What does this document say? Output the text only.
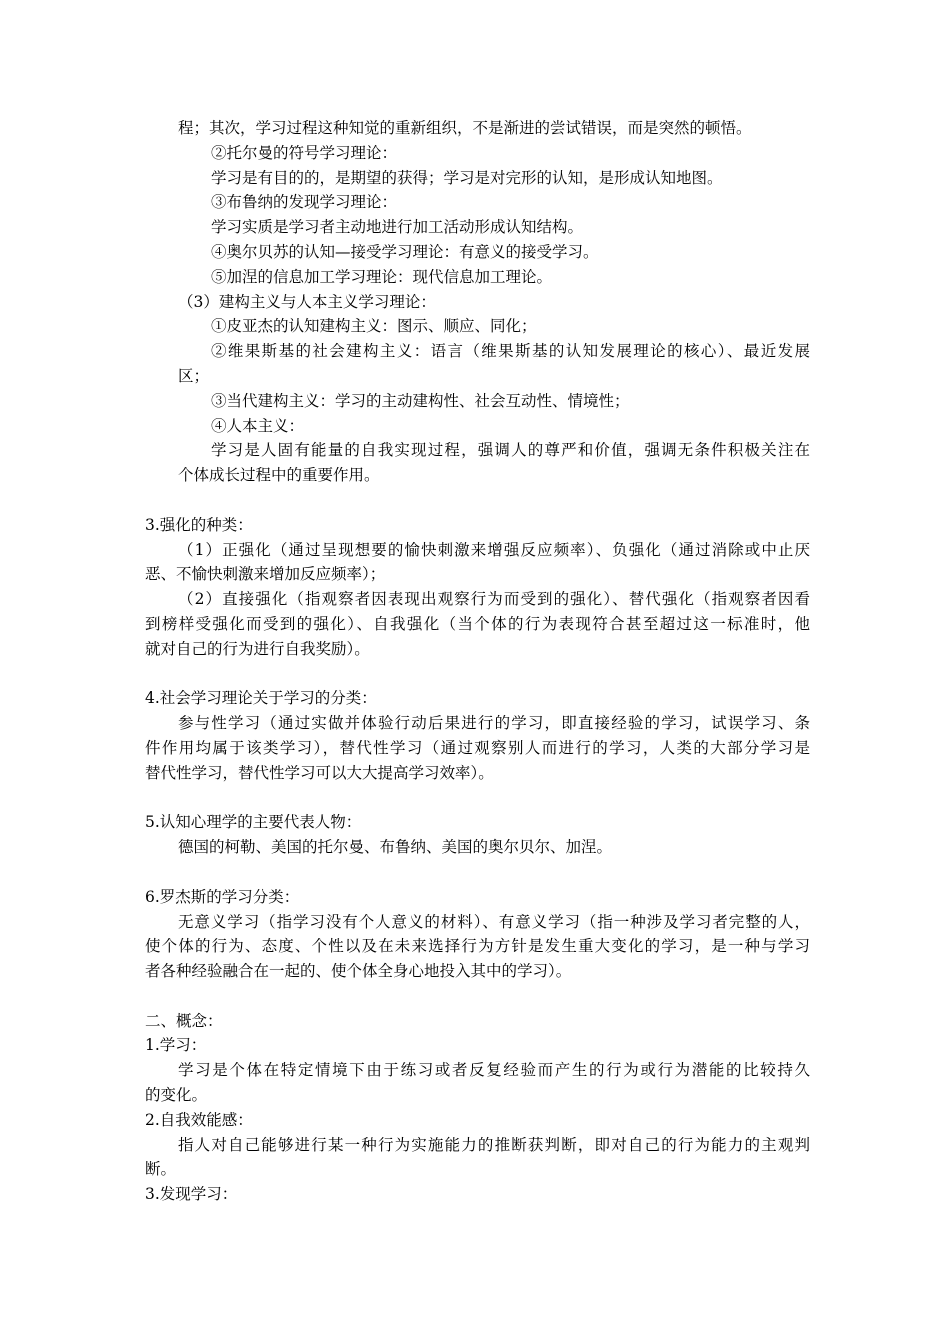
程；其次，学习过程这种知觉的重新组织，不是渐进的尝试错误，而是突然的顿悟。
②托尔曼的符号学习理论：
学习是有目的的，是期望的获得；学习是对完形的认知，是形成认知地图。
③布鲁纳的发现学习理论：
学习实质是学习者主动地进行加工活动形成认知结构。
④奥尔贝苏的认知—接受学习理论：有意义的接受学习。
⑤加涅的信息加工学习理论：现代信息加工理论。
（3）建构主义与人本主义学习理论：
①皮亚杰的认知建构主义：图示、顺应、同化；
②维果斯基的社会建构主义：语言（维果斯基的认知发展理论的核心）、最近发展
区；
③当代建构主义：学习的主动建构性、社会互动性、情境性；
④人本主义：
学习是人固有能量的自我实现过程，强调人的尊严和价值，强调无条件积极关注在
个体成长过程中的重要作用。
3.强化的种类：
（1）正强化（通过呈现想要的愉快刺激来增强反应频率）、负强化（通过消除或中止厌
恶、不愉快刺激来增加反应频率）；
（2）直接强化（指观察者因表现出观察行为而受到的强化）、替代强化（指观察者因看
到榜样受强化而受到的强化）、自我强化（当个体的行为表现符合甚至超过这一标准时，他
就对自己的行为进行自我奖励）。
4.社会学习理论关于学习的分类：
参与性学习（通过实做并体验行动后果进行的学习，即直接经验的学习，试误学习、条
件作用均属于该类学习），替代性学习（通过观察别人而进行的学习，人类的大部分学习是
替代性学习，替代性学习可以大大提高学习效率）。
5.认知心理学的主要代表人物：
德国的柯勒、美国的托尔曼、布鲁纳、美国的奥尔贝尔、加涅。
6.罗杰斯的学习分类：
无意义学习（指学习没有个人意义的材料）、有意义学习（指一种涉及学习者完整的人，
使个体的行为、态度、个性以及在未来选择行为方针是发生重大变化的学习，是一种与学习
者各种经验融合在一起的、使个体全身心地投入其中的学习）。
二、概念：
1.学习：
学习是个体在特定情境下由于练习或者反复经验而产生的行为或行为潜能的比较持久
的变化。
2.自我效能感：
指人对自己能够进行某一种行为实施能力的推断获判断，即对自己的行为能力的主观判
断。
3.发现学习：
